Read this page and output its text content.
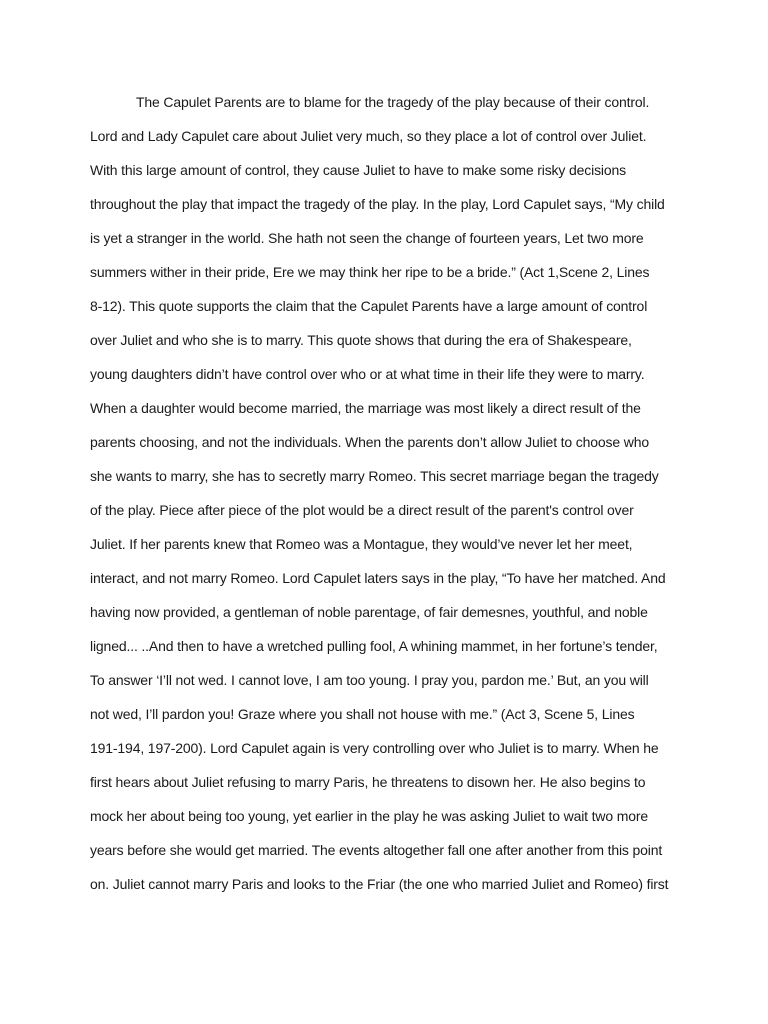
The Capulet Parents are to blame for the tragedy of the play because of their control.
Lord and Lady Capulet care about Juliet very much, so they place a lot of control over Juliet.
With this large amount of control, they cause Juliet to have to make some risky decisions
throughout the play that impact the tragedy of the play. In the play, Lord Capulet says, “My child
is yet a stranger in the world. She hath not seen the change of fourteen years, Let two more
summers wither in their pride, Ere we may think her ripe to be a bride.” (Act 1,Scene 2, Lines
8-12). This quote supports the claim that the Capulet Parents have a large amount of control
over Juliet and who she is to marry. This quote shows that during the era of Shakespeare,
young daughters didn’t have control over who or at what time in their life they were to marry.
When a daughter would become married, the marriage was most likely a direct result of the
parents choosing, and not the individuals. When the parents don’t allow Juliet to choose who
she wants to marry, she has to secretly marry Romeo. This secret marriage began the tragedy
of the play. Piece after piece of the plot would be a direct result of the parent's control over
Juliet. If her parents knew that Romeo was a Montague, they would’ve never let her meet,
interact, and not marry Romeo. Lord Capulet laters says in the play, “To have her matched. And
having now provided, a gentleman of noble parentage, of fair demesnes, youthful, and noble
ligned... ..And then to have a wretched pulling fool, A whining mammet, in her fortune’s tender,
To answer ‘I’ll not wed. I cannot love, I am too young. I pray you, pardon me.’ But, an you will
not wed, I’ll pardon you! Graze where you shall not house with me.” (Act 3, Scene 5, Lines
191-194, 197-200). Lord Capulet again is very controlling over who Juliet is to marry. When he
first hears about Juliet refusing to marry Paris, he threatens to disown her. He also begins to
mock her about being too young, yet earlier in the play he was asking Juliet to wait two more
years before she would get married. The events altogether fall one after another from this point
on. Juliet cannot marry Paris and looks to the Friar (the one who married Juliet and Romeo) first
